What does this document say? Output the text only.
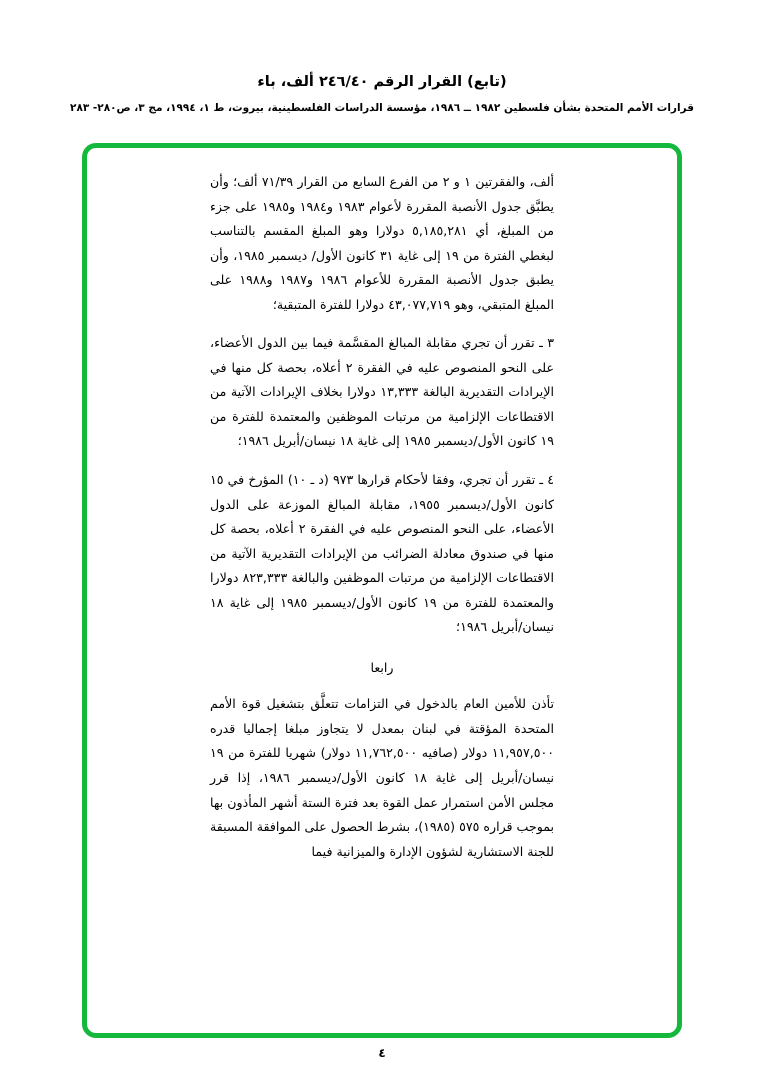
(تابع) القرار الرقم ٢٤٦/٤٠ ألف، باء
قرارات الأمم المتحدة بشأن فلسطين ١٩٨٢ ــ ١٩٨٦، مؤسسة الدراسات الفلسطينية، بيروت، ط ١، ١٩٩٤، مج ٣، ص٢٨٠- ٢٨٣

ألف، والفقرتين ١ و ٢ من الفرع السابع من القرار ٧١/٣٩ ألف؛ وأن يطبَّق جدول الأنصبة المقررة لأعوام ١٩٨٣ و١٩٨٤ و١٩٨٥ على جزء من المبلغ، أي ٥,١٨٥,٢٨١ دولارا وهو المبلغ المقسم بالتناسب لبغطي الفترة من ١٩ إلى غاية ٣١ كانون الأول/ ديسمبر ١٩٨٥، وأن يطبق جدول الأنصبة المقررة للأعوام ١٩٨٦ و١٩٨٧ و١٩٨٨ على المبلغ المتبقي، وهو ٤٣,٠٧٧,٧١٩ دولارا للفترة المتبقية؛

٣ ـ تقرر أن تجري مقابلة المبالغ المقسَّمة فيما بين الدول الأعضاء، على النحو المنصوص عليه في الفقرة ٢ أعلاه، بحصة كل منها في الإيرادات التقديرية البالغة ١٣,٣٣٣ دولارا بخلاف الإيرادات الآتية من الاقتطاعات الإلزامية من مرتبات الموظفين والمعتمدة للفترة من ١٩ كانون الأول/ديسمبر ١٩٨٥ إلى غاية ١٨ نيسان/أبريل ١٩٨٦؛

٤ ـ تقرر أن تجري، وفقا لأحكام قرارها ٩٧٣ (د ـ ١٠) المؤرخ في ١٥ كانون الأول/ديسمبر ١٩٥٥، مقابلة المبالغ الموزعة على الدول الأعضاء، على النحو المنصوص عليه في الفقرة ٢ أعلاه، بحصة كل منها في صندوق معادلة الضرائب من الإيرادات التقديرية الآتية من الاقتطاعات الإلزامية من مرتبات الموظفين والبالغة ٨٢٣,٣٣٣ دولارا والمعتمدة للفترة من ١٩ كانون الأول/ديسمبر ١٩٨٥ إلى غاية ١٨ نيسان/أبريل ١٩٨٦؛

رابعا

تأذن للأمين العام بالدخول في التزامات تتعلَّق بتشغيل قوة الأمم المتحدة المؤقتة في لبنان بمعدل لا يتجاوز مبلغا إجماليا قدره ١١,٩٥٧,٥٠٠ دولار (صافيه ١١,٧٦٢,٥٠٠ دولار) شهريا للفترة من ١٩ نيسان/أبريل إلى غاية ١٨ كانون الأول/ديسمبر ١٩٨٦، إذا قرر مجلس الأمن استمرار عمل القوة بعد فترة الستة أشهر المأذون بها بموجب قراره ٥٧٥ (١٩٨٥)، بشرط الحصول على الموافقة المسبقة للجنة الاستشارية لشؤون الإدارة والميزانية فيما

٤
